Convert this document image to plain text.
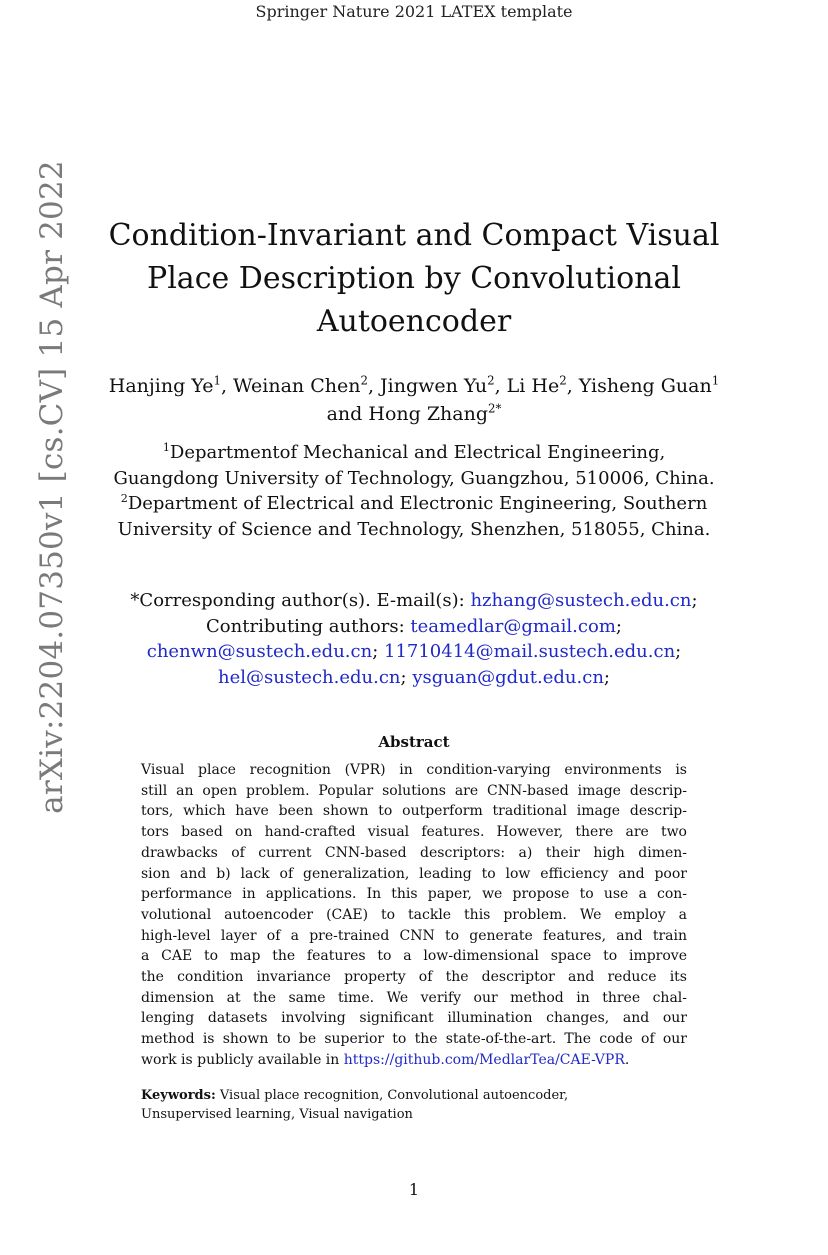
Springer Nature 2021 LATEX template
arXiv:2204.07350v1 [cs.CV] 15 Apr 2022 Condition-Invariant and Compact Visual
Place Description by Convolutional
Autoencoder
Hanjing Ye$^1$, Weinan Chen$^2$, Jingwen Yu$^2$, Li He$^2$, Yisheng Guan$^1$ and Hong Zhang$^{2*}$
$^1$Departmentof Mechanical and Electrical Engineering,
Guangdong University of Technology, Guangzhou, 510006, China.
$^2$Department of Electrical and Electronic Engineering, Southern
University of Science and Technology, Shenzhen, 518055, China.
*Corresponding author(s). E-mail(s): hzhang@sustech.edu.cn;
Contributing authors: teamedlar@gmail.com;
chenwn@sustech.edu.cn; 11710414@mail.sustech.edu.cn;
hel@sustech.edu.cn; ysguan@gdut.edu.cn;
Abstract
Visual place recognition (VPR) in condition-varying environments is
still an open problem. Popular solutions are CNN-based image descrip-
tors, which have been shown to outperform traditional image descrip-
tors based on hand-crafted visual features. However, there are two
drawbacks of current CNN-based descriptors: a) their high dimen-
sion and b) lack of generalization, leading to low efficiency and poor
performance in applications. In this paper, we propose to use a con-
volutional autoencoder (CAE) to tackle this problem. We employ a
high-level layer of a pre-trained CNN to generate features, and train
a CAE to map the features to a low-dimensional space to improve
the condition invariance property of the descriptor and reduce its
dimension at the same time. We verify our method in three chal-
lenging datasets involving significant illumination changes, and our
method is shown to be superior to the state-of-the-art. The code of our
work is publicly available in https://github.com/MedlarTea/CAE-VPR.
Keywords: Visual place recognition, Convolutional autoencoder,
Unsupervised learning, Visual navigation
1
